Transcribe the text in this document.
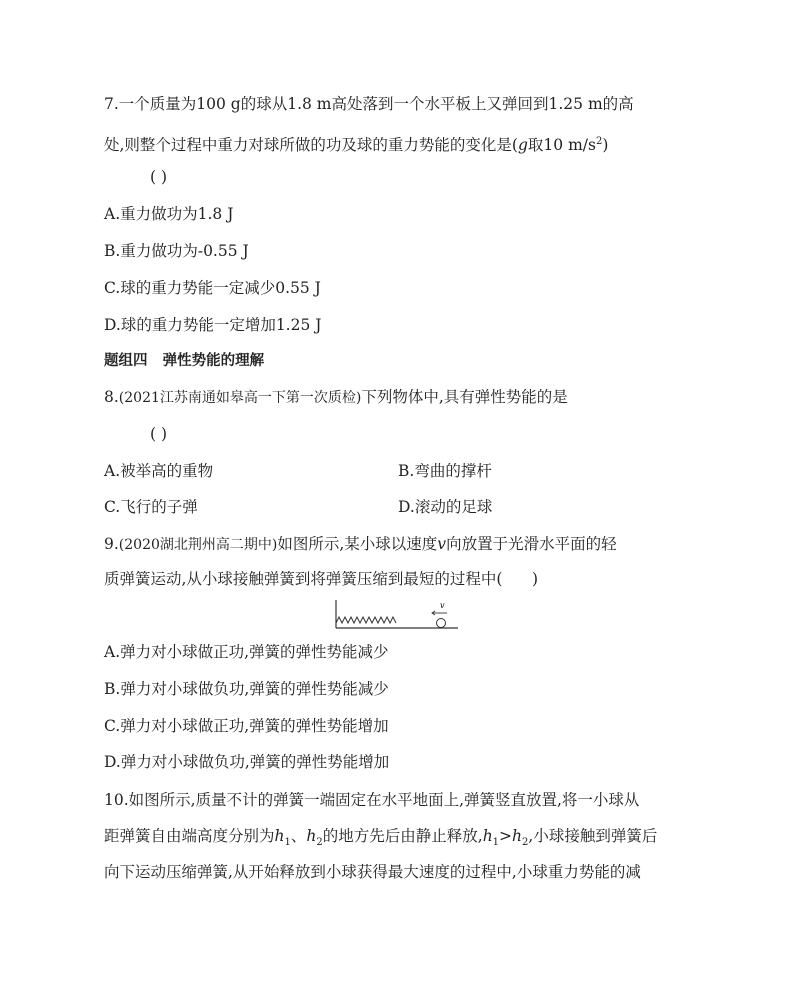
7.一个质量为100 g的球从1.8 m高处落到一个水平板上又弹回到1.25 m的高
处,则整个过程中重力对球所做的功及球的重力势能的变化是(g取10 $m/s^2$)
( )
A.重力做功为1.8 J
B.重力做功为-0.55 J
C.球的重力势能一定减少0.55 J
D.球的重力势能一定增加1.25 J
题组四   弹性势能的理解
8.(2021江苏南通如皋高一下第一次质检)下列物体中,具有弹性势能的是
( )
A.被举高的重物	B.弯曲的撑杆
C.飞行的子弹	D.滚动的足球
9.(2020湖北荆州高二期中)如图所示,某小球以速度v向放置于光滑水平面的轻
质弹簧运动,从小球接触弹簧到将弹簧压缩到最短的过程中(      )
v
A.弹力对小球做正功,弹簧的弹性势能减少
B.弹力对小球做负功,弹簧的弹性势能减少
C.弹力对小球做正功,弹簧的弹性势能增加
D.弹力对小球做负功,弹簧的弹性势能增加
10.如图所示,质量不计的弹簧一端固定在水平地面上,弹簧竖直放置,将一小球从
距弹簧自由端高度分别为$h_1$、$h_2$的地方先后由静止释放$,h_1>h_2$,小球接触到弹簧后
向下运动压缩弹簧,从开始释放到小球获得最大速度的过程中,小球重力势能的减
